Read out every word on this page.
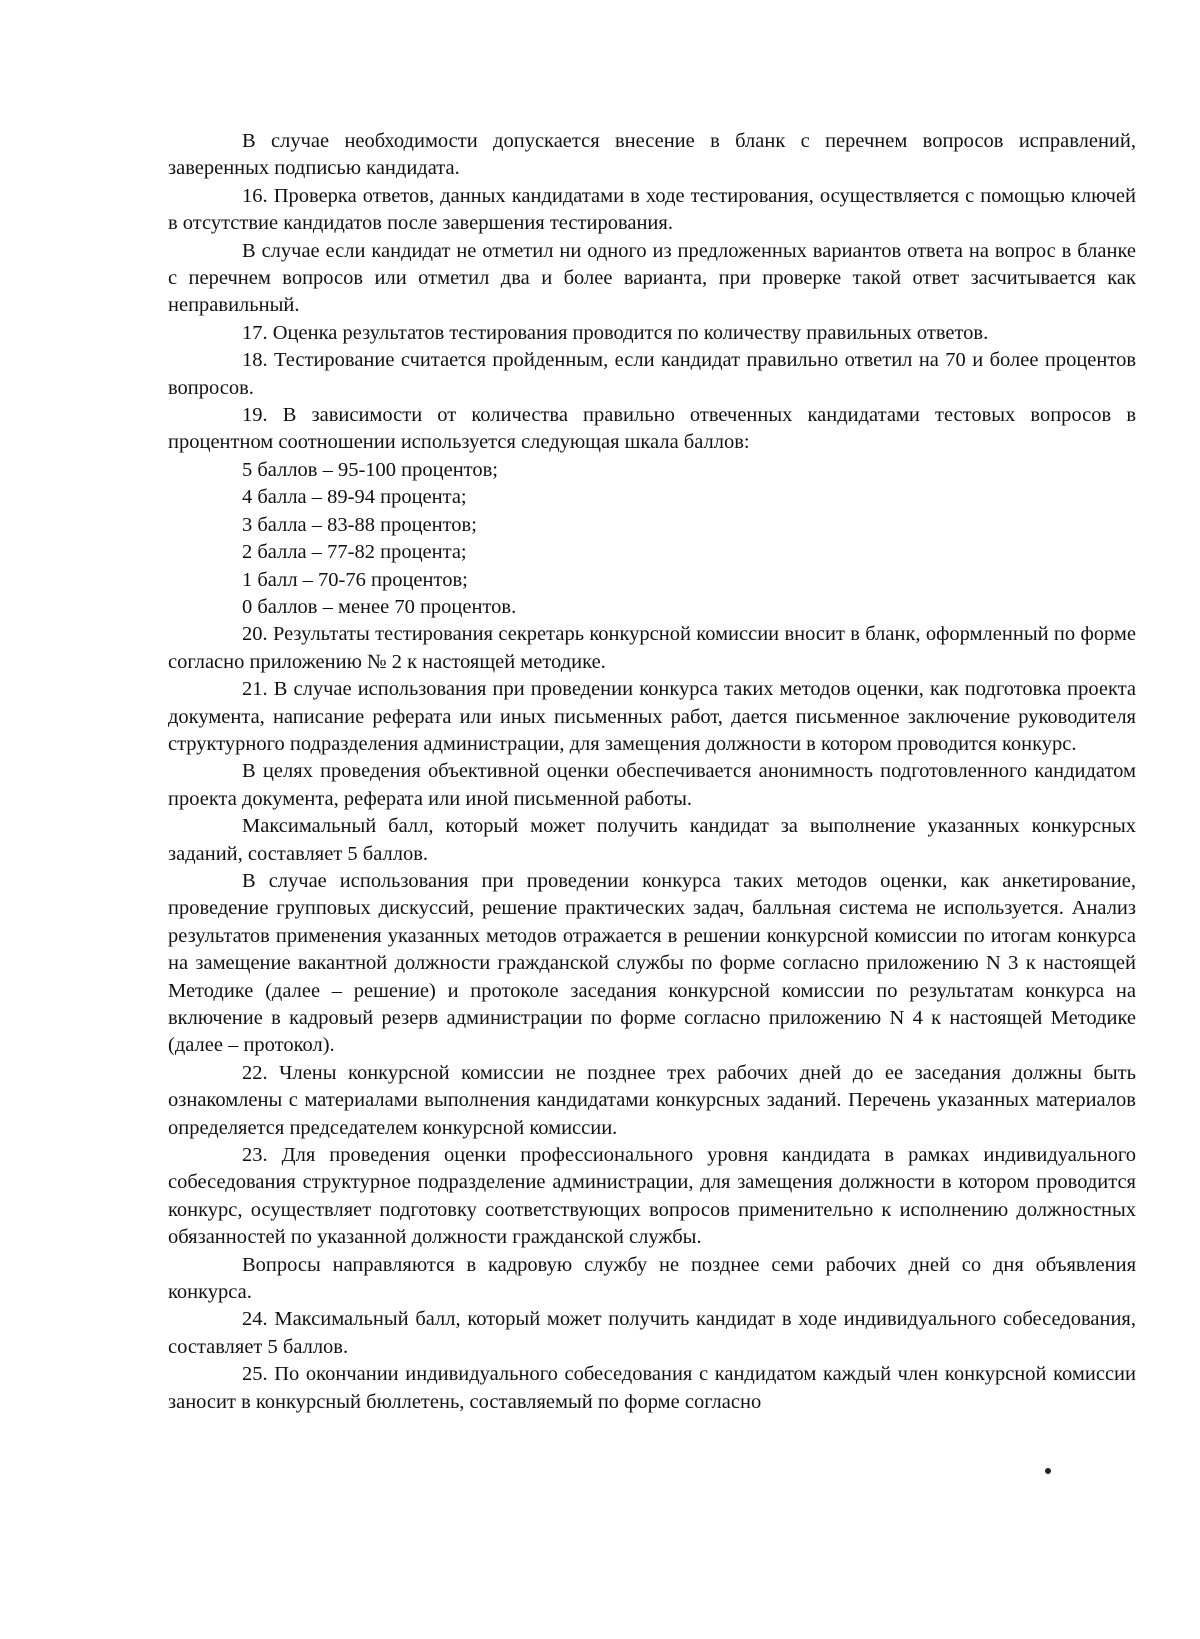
В случае необходимости допускается внесение в бланк с перечнем вопросов исправлений, заверенных подписью кандидата.

16. Проверка ответов, данных кандидатами в ходе тестирования, осуществляется с помощью ключей в отсутствие кандидатов после завершения тестирования.

В случае если кандидат не отметил ни одного из предложенных вариантов ответа на вопрос в бланке с перечнем вопросов или отметил два и более варианта, при проверке такой ответ засчитывается как неправильный.

17. Оценка результатов тестирования проводится по количеству правильных ответов.

18. Тестирование считается пройденным, если кандидат правильно ответил на 70 и более процентов вопросов.

19. В зависимости от количества правильно отвеченных кандидатами тестовых вопросов в процентном соотношении используется следующая шкала баллов:

5 баллов – 95-100 процентов;
4 балла – 89-94 процента;
3 балла – 83-88 процентов;
2 балла – 77-82 процента;
1 балл – 70-76 процентов;
0 баллов – менее 70 процентов.

20. Результаты тестирования секретарь конкурсной комиссии вносит в бланк, оформленный по форме согласно приложению № 2 к настоящей методике.

21. В случае использования при проведении конкурса таких методов оценки, как подготовка проекта документа, написание реферата или иных письменных работ, дается письменное заключение руководителя структурного подразделения администрации, для замещения должности в котором проводится конкурс.

В целях проведения объективной оценки обеспечивается анонимность подготовленного кандидатом проекта документа, реферата или иной письменной работы.

Максимальный балл, который может получить кандидат за выполнение указанных конкурсных заданий, составляет 5 баллов.

В случае использования при проведении конкурса таких методов оценки, как анкетирование, проведение групповых дискуссий, решение практических задач, балльная система не используется. Анализ результатов применения указанных методов отражается в решении конкурсной комиссии по итогам конкурса на замещение вакантной должности гражданской службы по форме согласно приложению N 3 к настоящей Методике (далее – решение) и протоколе заседания конкурсной комиссии по результатам конкурса на включение в кадровый резерв администрации по форме согласно приложению N 4 к настоящей Методике (далее – протокол).

22. Члены конкурсной комиссии не позднее трех рабочих дней до ее заседания должны быть ознакомлены с материалами выполнения кандидатами конкурсных заданий. Перечень указанных материалов определяется председателем конкурсной комиссии.

23. Для проведения оценки профессионального уровня кандидата в рамках индивидуального собеседования структурное подразделение администрации, для замещения должности в котором проводится конкурс, осуществляет подготовку соответствующих вопросов применительно к исполнению должностных обязанностей по указанной должности гражданской службы.

Вопросы направляются в кадровую службу не позднее семи рабочих дней со дня объявления конкурса.

24. Максимальный балл, который может получить кандидат в ходе индивидуального собеседования, составляет 5 баллов.

25. По окончании индивидуального собеседования с кандидатом каждый член конкурсной комиссии заносит в конкурсный бюллетень, составляемый по форме согласно
